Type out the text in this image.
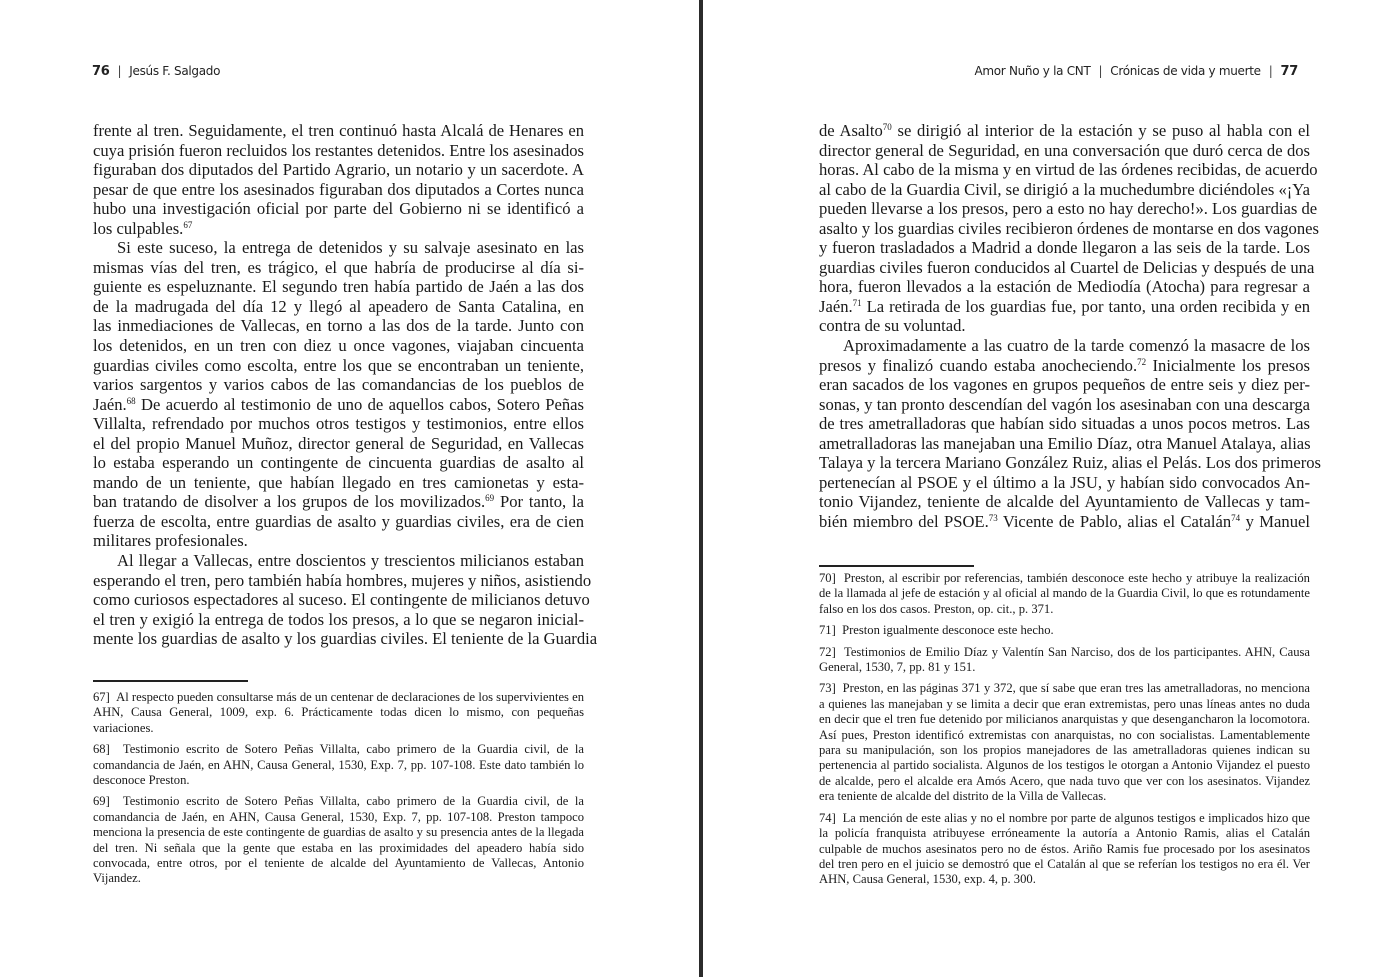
76 | Jesús F. Salgado

frente al tren. Seguidamente, el tren continuó hasta Alcalá de Henares en
cuya prisión fueron recluidos los restantes detenidos. Entre los asesinados
figuraban dos diputados del Partido Agrario, un notario y un sacerdote. A
pesar de que entre los asesinados figuraban dos diputados a Cortes nunca
hubo una investigación oficial por parte del Gobierno ni se identificó a
los culpables.$^{67}$

Si este suceso, la entrega de detenidos y su salvaje asesinato en las
mismas vías del tren, es trágico, el que habría de producirse al día si-
guiente es espeluznante. El segundo tren había partido de Jaén a las dos
de la madrugada del día 12 y llegó al apeadero de Santa Catalina, en
las inmediaciones de Vallecas, en torno a las dos de la tarde. Junto con
los detenidos, en un tren con diez u once vagones, viajaban cincuenta
guardias civiles como escolta, entre los que se encontraban un teniente,
varios sargentos y varios cabos de las comandancias de los pueblos de
Jaén.$^{68}$ De acuerdo al testimonio de uno de aquellos cabos, Sotero Peñas
Villalta, refrendado por muchos otros testigos y testimonios, entre ellos
el del propio Manuel Muñoz, director general de Seguridad, en Vallecas
lo estaba esperando un contingente de cincuenta guardias de asalto al
mando de un teniente, que habían llegado en tres camionetas y esta-
ban tratando de disolver a los grupos de los movilizados.$^{69}$ Por tanto, la
fuerza de escolta, entre guardias de asalto y guardias civiles, era de cien
militares profesionales.

Al llegar a Vallecas, entre doscientos y trescientos milicianos estaban
esperando el tren, pero también había hombres, mujeres y niños, asistiendo
como curiosos espectadores al suceso. El contingente de milicianos detuvo
el tren y exigió la entrega de todos los presos, a lo que se negaron inicial-
mente los guardias de asalto y los guardias civiles. El teniente de la Guardia

67]  Al respecto pueden consultarse más de un centenar de declaraciones de los supervivientes en AHN, Causa General, 1009, exp. 6. Prácticamente todas dicen lo mismo, con pequeñas variaciones.
68]  Testimonio escrito de Sotero Peñas Villalta, cabo primero de la Guardia civil, de la comandancia de Jaén, en AHN, Causa General, 1530, Exp. 7, pp. 107-108. Este dato también lo desconoce Preston.
69]  Testimonio escrito de Sotero Peñas Villalta, cabo primero de la Guardia civil, de la comandancia de Jaén, en AHN, Causa General, 1530, Exp. 7, pp. 107-108. Preston tampoco menciona la presencia de este contingente de guardias de asalto y su presencia antes de la llegada del tren. Ni señala que la gente que estaba en las proximidades del apeadero había sido convocada, entre otros, por el teniente de alcalde del Ayuntamiento de Vallecas, Antonio Vijandez.
Amor Nuño y la CNT | Crónicas de vida y muerte | 77

de Asalto$^{70}$ se dirigió al interior de la estación y se puso al habla con el
director general de Seguridad, en una conversación que duró cerca de dos
horas. Al cabo de la misma y en virtud de las órdenes recibidas, de acuerdo
al cabo de la Guardia Civil, se dirigió a la muchedumbre diciéndoles «¡Ya
pueden llevarse a los presos, pero a esto no hay derecho!». Los guardias de
asalto y los guardias civiles recibieron órdenes de montarse en dos vagones
y fueron trasladados a Madrid a donde llegaron a las seis de la tarde. Los
guardias civiles fueron conducidos al Cuartel de Delicias y después de una
hora, fueron llevados a la estación de Mediodía (Atocha) para regresar a
Jaén.$^{71}$ La retirada de los guardias fue, por tanto, una orden recibida y en
contra de su voluntad.

Aproximadamente a las cuatro de la tarde comenzó la masacre de los
presos y finalizó cuando estaba anocheciendo.$^{72}$ Inicialmente los presos
eran sacados de los vagones en grupos pequeños de entre seis y diez per-
sonas, y tan pronto descendían del vagón los asesinaban con una descarga
de tres ametralladoras que habían sido situadas a unos pocos metros. Las
ametralladoras las manejaban una Emilio Díaz, otra Manuel Atalaya, alias
Talaya y la tercera Mariano González Ruiz, alias el Pelás. Los dos primeros
pertenecían al PSOE y el último a la JSU, y habían sido convocados An-
tonio Vijandez, teniente de alcalde del Ayuntamiento de Vallecas y tam-
bién miembro del PSOE.$^{73}$ Vicente de Pablo, alias el Catalán$^{74}$ y Manuel

70]  Preston, al escribir por referencias, también desconoce este hecho y atribuye la realización de la llamada al jefe de estación y al oficial al mando de la Guardia Civil, lo que es rotundamente falso en los dos casos. Preston, op. cit., p. 371.
71]  Preston igualmente desconoce este hecho.
72]  Testimonios de Emilio Díaz y Valentín San Narciso, dos de los participantes. AHN, Causa General, 1530, 7, pp. 81 y 151.
73]  Preston, en las páginas 371 y 372, que sí sabe que eran tres las ametralladoras, no menciona a quienes las manejaban y se limita a decir que eran extremistas, pero unas líneas antes no duda en decir que el tren fue detenido por milicianos anarquistas y que desengancharon la locomotora. Así pues, Preston identificó extremistas con anarquistas, no con socialistas. Lamentablemente para su manipulación, son los propios manejadores de las ametralladoras quienes indican su pertenencia al partido socialista. Algunos de los testigos le otorgan a Antonio Vijandez el puesto de alcalde, pero el alcalde era Amós Acero, que nada tuvo que ver con los asesinatos. Vijandez era teniente de alcalde del distrito de la Villa de Vallecas.
74]  La mención de este alias y no el nombre por parte de algunos testigos e implicados hizo que la policía franquista atribuyese erróneamente la autoría a Antonio Ramis, alias el Catalán culpable de muchos asesinatos pero no de éstos. Ariño Ramis fue procesado por los asesinatos del tren pero en el juicio se demostró que el Catalán al que se referían los testigos no era él. Ver AHN, Causa General, 1530, exp. 4, p. 300.
